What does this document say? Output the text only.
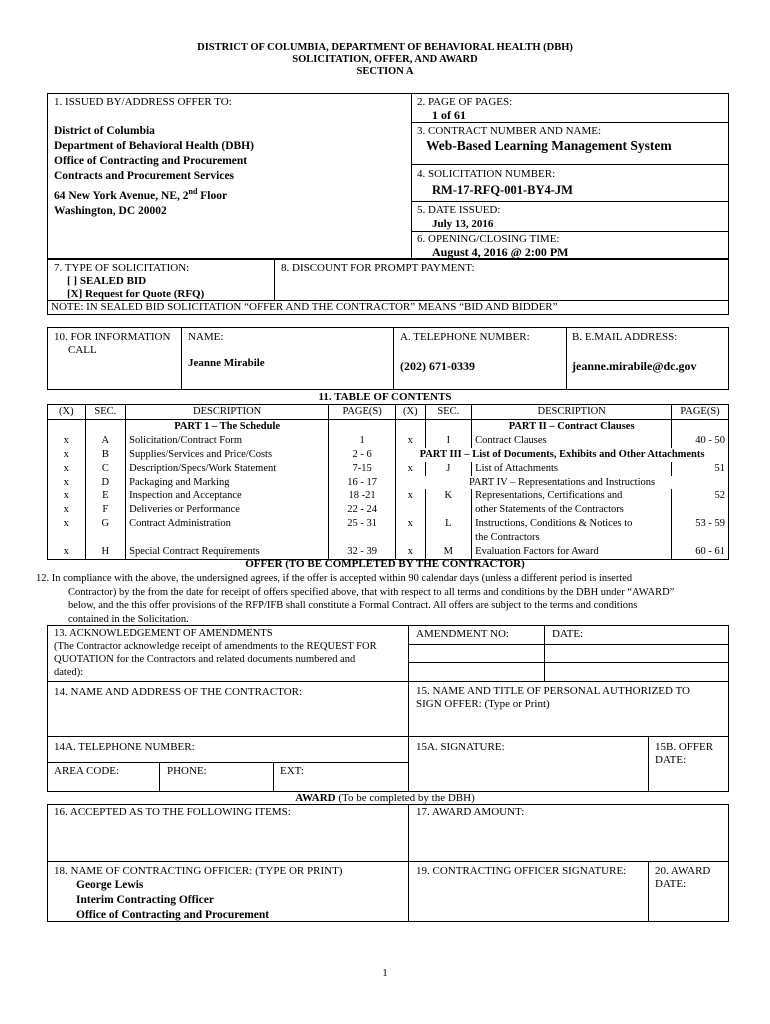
DISTRICT OF COLUMBIA, DEPARTMENT OF BEHAVIORAL HEALTH (DBH)
SOLICITATION, OFFER, AND AWARD
SECTION A
1. ISSUED BY/ADDRESS OFFER TO:
District of Columbia
Department of Behavioral Health (DBH)
Office of Contracting and Procurement
Contracts and Procurement Services
64 New York Avenue, NE, 2nd Floor
Washington, DC 20002
2. PAGE OF PAGES:
1 of 61
3. CONTRACT NUMBER AND NAME:
Web-Based Learning Management System
4. SOLICITATION NUMBER:
RM-17-RFQ-001-BY4-JM
5. DATE ISSUED:
July 13, 2016
6. OPENING/CLOSING TIME:
August 4, 2016 @ 2:00 PM
7. TYPE OF SOLICITATION:
[ ] SEALED BID
[X] Request for Quote (RFQ)
8. DISCOUNT FOR PROMPT PAYMENT:
NOTE: IN SEALED BID SOLICITATION “OFFER AND THE CONTRACTOR” MEANS “BID AND BIDDER”
10. FOR INFORMATION
CALL
NAME:
Jeanne Mirabile
A. TELEPHONE NUMBER:
(202) 671-0339
B. E.MAIL ADDRESS:
jeanne.mirabile@dc.gov
11. TABLE OF CONTENTS
(X)	SEC.	DESCRIPTION	PAGE(S)	(X)	SEC.	DESCRIPTION	PAGE(S)
		PART 1 – The Schedule				PART II – Contract Clauses	
x	A	Solicitation/Contract Form	1	x	I	Contract Clauses	40 - 50
x	B	Supplies/Services and Price/Costs	2 - 6	PART III – List of Documents, Exhibits and Other Attachments			
x	C	Description/Specs/Work Statement	7-15	x	J	List of Attachments	51
x	D	Packaging and Marking	16 - 17	PART IV – Representations and Instructions			
x	E	Inspection and Acceptance	18 -21	x	K	Representations, Certifications and	52
x	F	Deliveries or Performance	22 - 24			other Statements of the Contractors	
x	G	Contract Administration	25 - 31	x	L	Instructions, Conditions & Notices to	53 - 59
						the Contractors	
x	H	Special Contract Requirements	32 - 39	x	M	Evaluation Factors for Award	60 - 61
OFFER (TO BE COMPLETED BY THE CONTRACTOR)
12. In compliance with the above, the undersigned agrees, if the offer is accepted within 90 calendar days (unless a different period is inserted
Contractor) by the from the date for receipt of offers specified above, that with respect to all terms and conditions by the DBH under “AWARD”
below, and the this offer provisions of the RFP/IFB shall constitute a Formal Contract. All offers are subject to the terms and conditions
contained in the Solicitation.
13. ACKNOWLEDGEMENT OF AMENDMENTS
(The Contractor acknowledge receipt of amendments to the REQUEST FOR
QUOTATION for the Contractors and related documents numbered and
dated):
AMENDMENT NO:	DATE:
14. NAME AND ADDRESS OF THE CONTRACTOR:	15. NAME AND TITLE OF PERSONAL AUTHORIZED TO
SIGN OFFER: (Type or Print)
14A. TELEPHONE NUMBER:
AREA CODE:	PHONE:	EXT:
15A. SIGNATURE:	15B. OFFER
DATE:
AWARD (To be completed by the DBH)
16. ACCEPTED AS TO THE FOLLOWING ITEMS:	17. AWARD AMOUNT:
18. NAME OF CONTRACTING OFFICER: (TYPE OR PRINT)
George Lewis
Interim Contracting Officer
Office of Contracting and Procurement
19. CONTRACTING OFFICER SIGNATURE:	20. AWARD
DATE:
1
